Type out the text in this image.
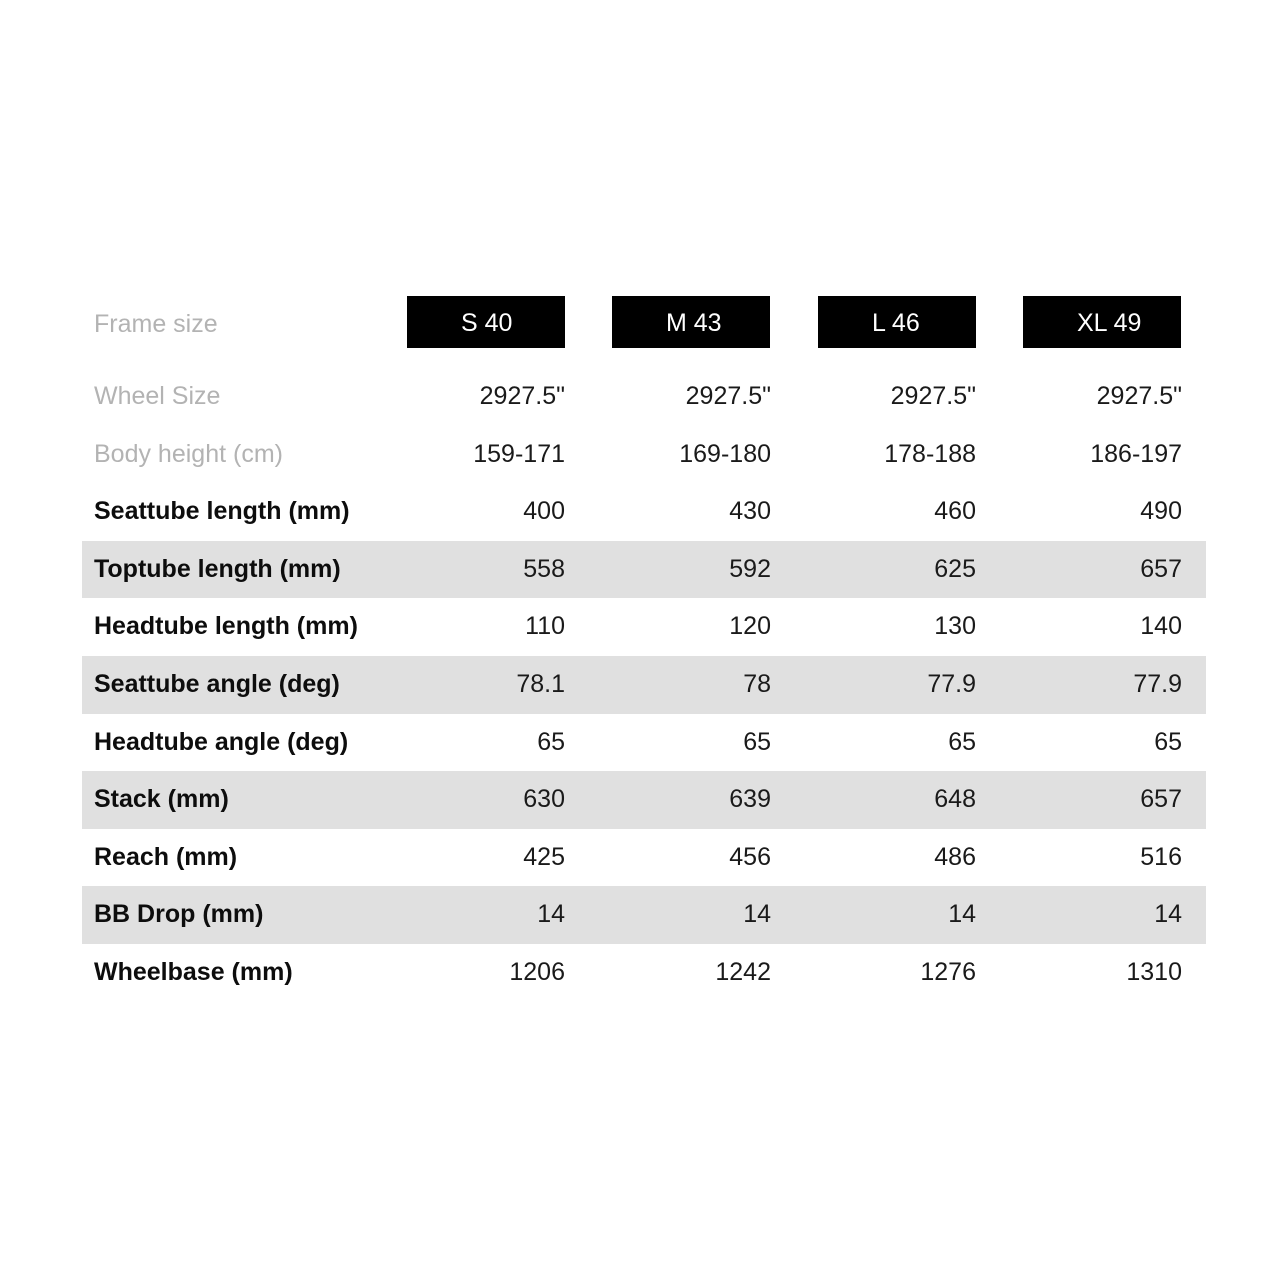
Frame size	S 40	M 43	L 46	XL 49
Wheel Size	2927.5"	2927.5"	2927.5"	2927.5"
Body height (cm)	159-171	169-180	178-188	186-197
Seattube length (mm)	400	430	460	490
Toptube length (mm)	558	592	625	657
Headtube length (mm)	110	120	130	140
Seattube angle (deg)	78.1	78	77.9	77.9
Headtube angle (deg)	65	65	65	65
Stack (mm)	630	639	648	657
Reach (mm)	425	456	486	516
BB Drop (mm)	14	14	14	14
Wheelbase (mm)	1206	1242	1276	1310
